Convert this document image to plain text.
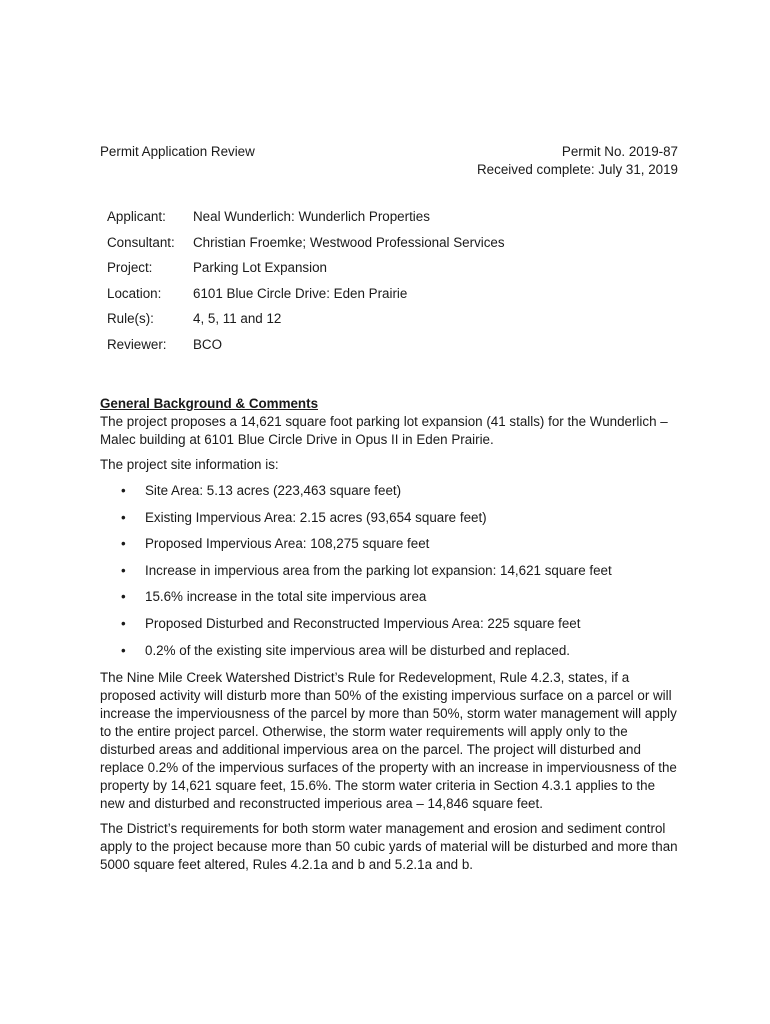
Permit Application Review	Permit No. 2019-87
Received complete: July 31, 2019
Applicant:	Neal Wunderlich: Wunderlich Properties
Consultant:	Christian Froemke; Westwood Professional Services
Project:	Parking Lot Expansion
Location:	6101 Blue Circle Drive: Eden Prairie
Rule(s):	4, 5, 11 and 12
Reviewer:	BCO

General Background & Comments

The project proposes a 14,621 square foot parking lot expansion (41 stalls) for the Wunderlich – Malec building at 6101 Blue Circle Drive in Opus II in Eden Prairie.

The project site information is:

• Site Area: 5.13 acres (223,463 square feet)
• Existing Impervious Area: 2.15 acres (93,654 square feet)
• Proposed Impervious Area: 108,275 square feet
• Increase in impervious area from the parking lot expansion: 14,621 square feet
• 15.6% increase in the total site impervious area
• Proposed Disturbed and Reconstructed Impervious Area: 225 square feet
• 0.2% of the existing site impervious area will be disturbed and replaced.

The Nine Mile Creek Watershed District’s Rule for Redevelopment, Rule 4.2.3, states, if a proposed activity will disturb more than 50% of the existing impervious surface on a parcel or will increase the imperviousness of the parcel by more than 50%, storm water management will apply to the entire project parcel. Otherwise, the storm water requirements will apply only to the disturbed areas and additional impervious area on the parcel. The project will disturbed and replace 0.2% of the impervious surfaces of the property with an increase in imperviousness of the property by 14,621 square feet, 15.6%. The storm water criteria in Section 4.3.1 applies to the new and disturbed and reconstructed imperious area – 14,846 square feet.

The District’s requirements for both storm water management and erosion and sediment control apply to the project because more than 50 cubic yards of material will be disturbed and more than 5000 square feet altered, Rules 4.2.1a and b and 5.2.1a and b.
